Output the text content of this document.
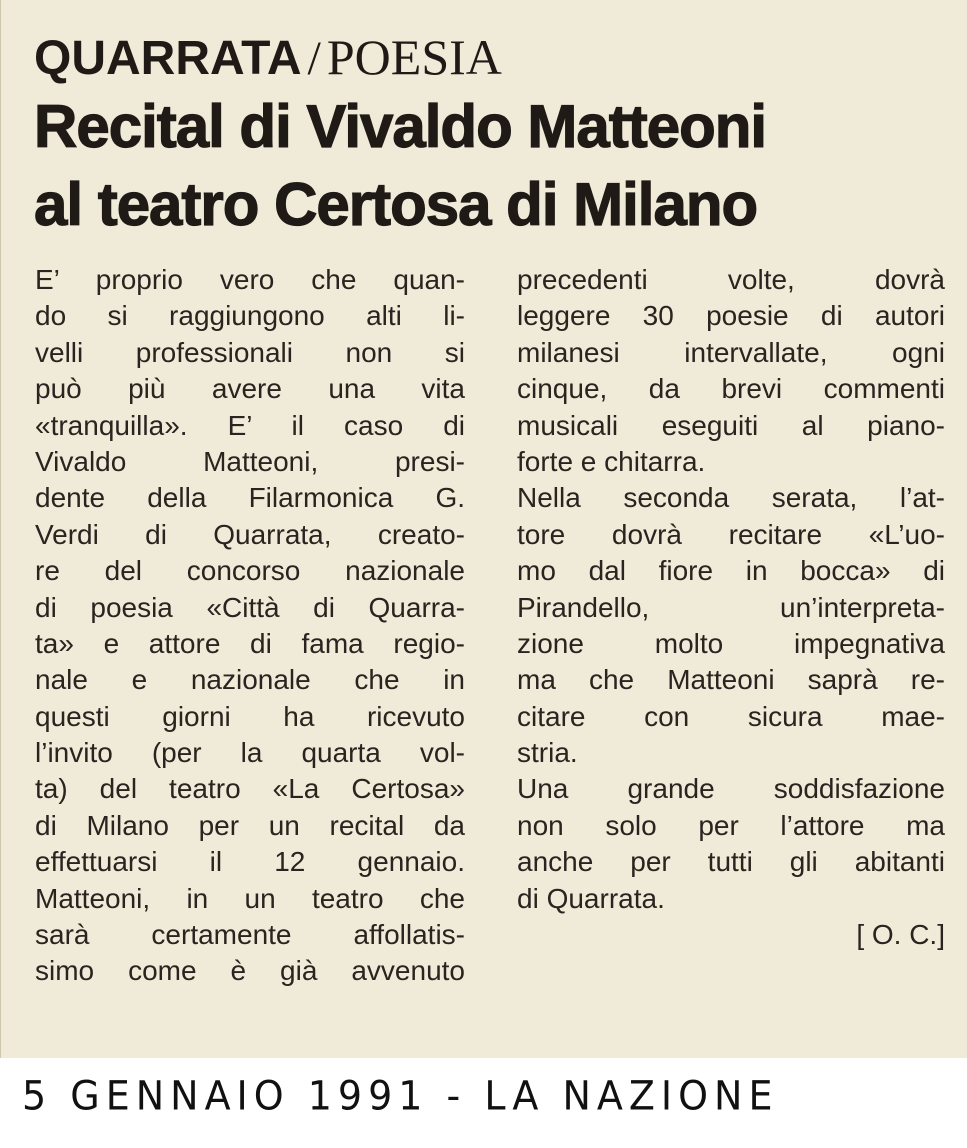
QUARRATA / POESIA
Recital di Vivaldo Matteoni
al teatro Certosa di Milano
E’ proprio vero che quan-
do si raggiungono alti li-
velli professionali non si
può più avere una vita
«tranquilla». E’ il caso di
Vivaldo Matteoni, presi-
dente della Filarmonica G.
Verdi di Quarrata, creato-
re del concorso nazionale
di poesia «Città di Quarra-
ta» e attore di fama regio-
nale e nazionale che in
questi giorni ha ricevuto
l’invito (per la quarta vol-
ta) del teatro «La Certosa»
di Milano per un recital da
effettuarsi il 12 gennaio.
Matteoni, in un teatro che
sarà certamente affollatis-
simo come è già avvenuto
precedenti volte, dovrà
leggere 30 poesie di autori
milanesi intervallate, ogni
cinque, da brevi commenti
musicali eseguiti al piano-
forte e chitarra.
Nella seconda serata, l’at-
tore dovrà recitare «L’uo-
mo dal fiore in bocca» di
Pirandello, un’interpreta-
zione molto impegnativa
ma che Matteoni saprà re-
citare con sicura mae-
stria.
Una grande soddisfazione
non solo per l’attore ma
anche per tutti gli abitanti
di Quarrata.
[ O. C.]
5 GENNAIO 1991 - LA NAZIONE
